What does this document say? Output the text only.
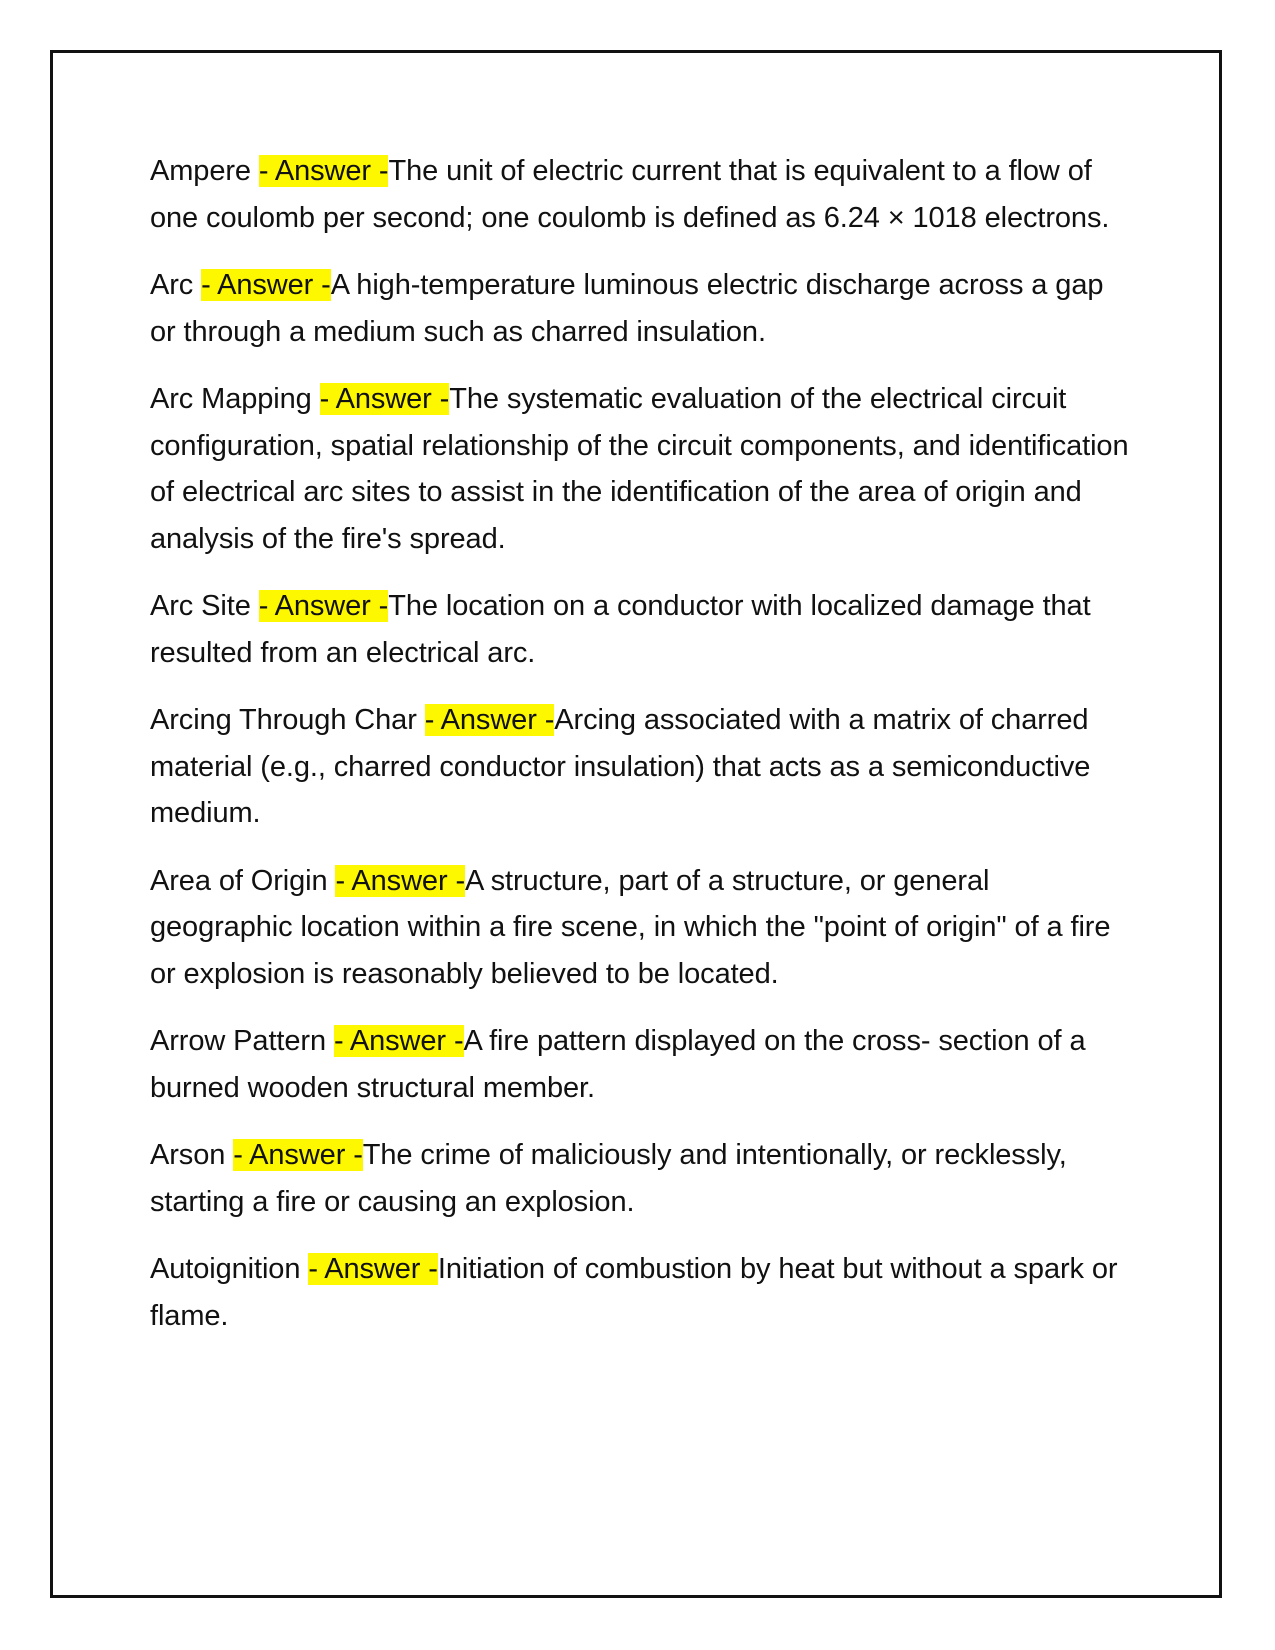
Ampere - Answer -The unit of electric current that is equivalent to a flow of one coulomb per second; one coulomb is defined as 6.24 × 1018 electrons.

Arc - Answer -A high-temperature luminous electric discharge across a gap or through a medium such as charred insulation.

Arc Mapping - Answer -The systematic evaluation of the electrical circuit configuration, spatial relationship of the circuit components, and identification of electrical arc sites to assist in the identification of the area of origin and analysis of the fire's spread.

Arc Site - Answer -The location on a conductor with localized damage that resulted from an electrical arc.

Arcing Through Char - Answer -Arcing associated with a matrix of charred material (e.g., charred conductor insulation) that acts as a semiconductive medium.

Area of Origin - Answer -A structure, part of a structure, or general geographic location within a fire scene, in which the "point of origin" of a fire or explosion is reasonably believed to be located.

Arrow Pattern - Answer -A fire pattern displayed on the cross- section of a burned wooden structural member.

Arson - Answer -The crime of maliciously and intentionally, or recklessly, starting a fire or causing an explosion.

Autoignition - Answer -Initiation of combustion by heat but without a spark or flame.
